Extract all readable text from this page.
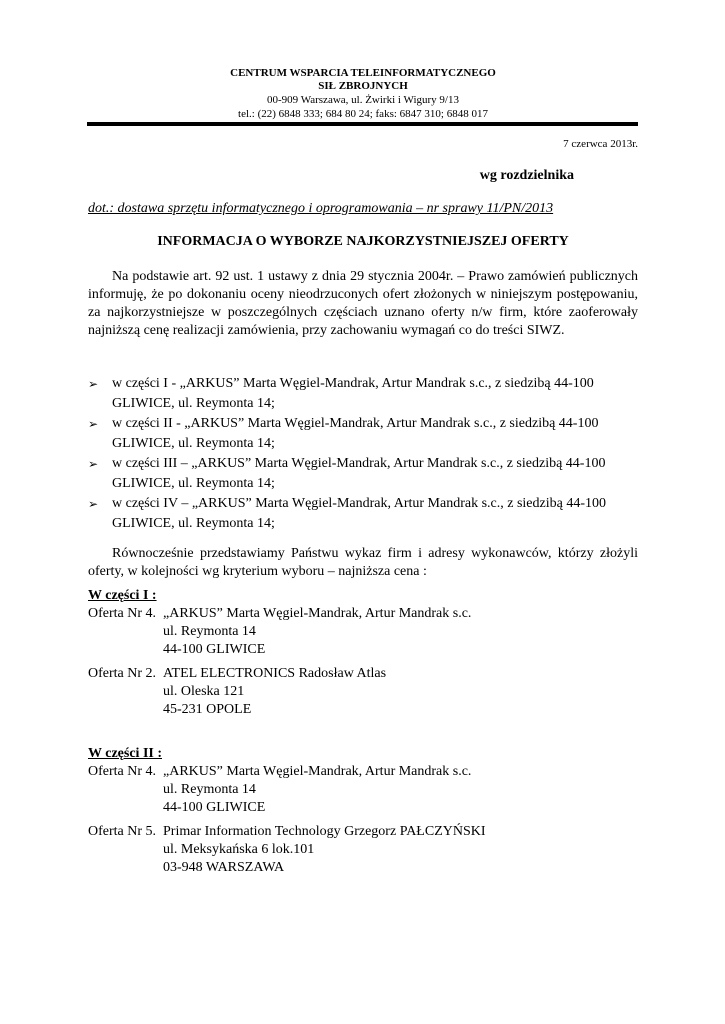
CENTRUM WSPARCIA TELEINFORMATYCZNEGO
SIŁ ZBROJNYCH
00-909 Warszawa, ul. Żwirki i Wigury 9/13
tel.: (22) 6848 333; 684 80 24; faks: 6847 310; 6848 017
7 czerwca 2013r.
wg rozdzielnika
dot.: dostawa sprzętu informatycznego i oprogramowania – nr sprawy 11/PN/2013
INFORMACJA O WYBORZE NAJKORZYSTNIEJSZEJ OFERTY
Na podstawie art. 92 ust. 1 ustawy z dnia 29 stycznia 2004r. – Prawo zamówień publicznych informuję, że po dokonaniu oceny nieodrzuconych ofert złożonych w niniejszym postępowaniu, za najkorzystniejsze w poszczególnych częściach uznano oferty n/w firm, które zaoferowały najniższą cenę realizacji zamówienia, przy zachowaniu wymagań co do treści SIWZ.
➢ w części I - „ARKUS” Marta Węgiel-Mandrak, Artur Mandrak s.c., z siedzibą 44-100 GLIWICE, ul. Reymonta 14;
➢ w części II - „ARKUS” Marta Węgiel-Mandrak, Artur Mandrak s.c., z siedzibą 44-100 GLIWICE, ul. Reymonta 14;
➢ w części III – „ARKUS” Marta Węgiel-Mandrak, Artur Mandrak s.c., z siedzibą 44-100 GLIWICE, ul. Reymonta 14;
➢ w części IV – „ARKUS” Marta Węgiel-Mandrak, Artur Mandrak s.c., z siedzibą 44-100 GLIWICE, ul. Reymonta 14;
Równocześnie przedstawiamy Państwu wykaz firm i adresy wykonawców, którzy złożyli oferty, w kolejności wg kryterium wyboru – najniższa cena :
W części I :
Oferta Nr 4. „ARKUS” Marta Węgiel-Mandrak, Artur Mandrak s.c.
ul. Reymonta 14
44-100 GLIWICE
Oferta Nr 2. ATEL ELECTRONICS Radosław Atlas
ul. Oleska 121
45-231 OPOLE
W części II :
Oferta Nr 4. „ARKUS” Marta Węgiel-Mandrak, Artur Mandrak s.c.
ul. Reymonta 14
44-100 GLIWICE
Oferta Nr 5. Primar Information Technology Grzegorz PAŁCZYŃSKI
ul. Meksykańska 6 lok.101
03-948 WARSZAWA
